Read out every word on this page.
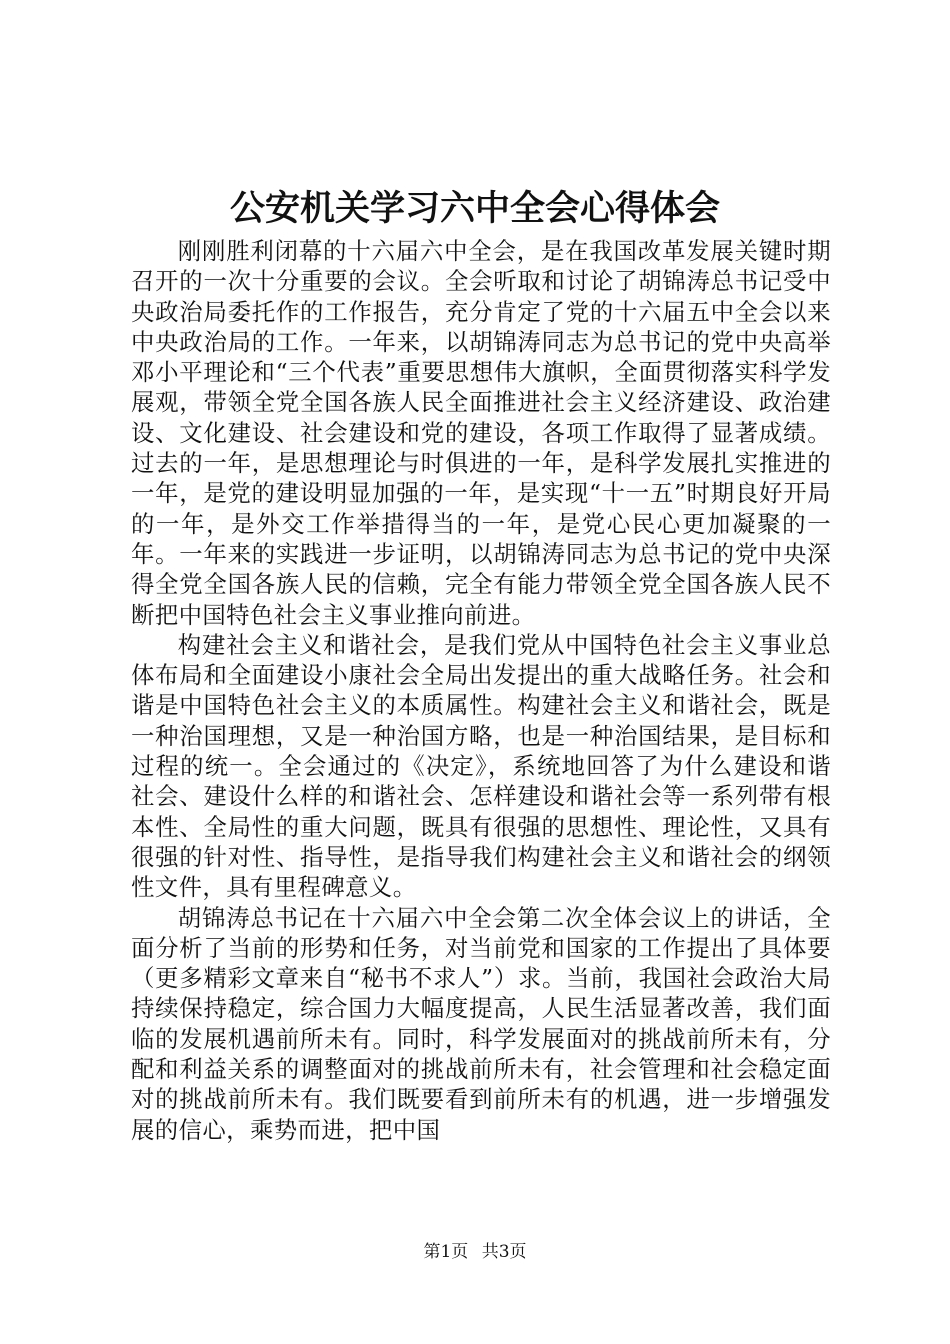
公安机关学习六中全会心得体会

刚刚胜利闭幕的十六届六中全会，是在我国改革发展关键时期召开的一次十分重要的会议。全会听取和讨论了胡锦涛总书记受中央政治局委托作的工作报告，充分肯定了党的十六届五中全会以来中央政治局的工作。一年来，以胡锦涛同志为总书记的党中央高举邓小平理论和“三个代表”重要思想伟大旗帜，全面贯彻落实科学发展观，带领全党全国各族人民全面推进社会主义经济建设、政治建设、文化建设、社会建设和党的建设，各项工作取得了显著成绩。过去的一年，是思想理论与时俱进的一年，是科学发展扎实推进的一年，是党的建设明显加强的一年，是实现“十一五”时期良好开局的一年，是外交工作举措得当的一年，是党心民心更加凝聚的一年。一年来的实践进一步证明，以胡锦涛同志为总书记的党中央深得全党全国各族人民的信赖，完全有能力带领全党全国各族人民不断把中国特色社会主义事业推向前进。

构建社会主义和谐社会，是我们党从中国特色社会主义事业总体布局和全面建设小康社会全局出发提出的重大战略任务。社会和谐是中国特色社会主义的本质属性。构建社会主义和谐社会，既是一种治国理想，又是一种治国方略，也是一种治国结果，是目标和过程的统一。全会通过的《决定》，系统地回答了为什么建设和谐社会、建设什么样的和谐社会、怎样建设和谐社会等一系列带有根本性、全局性的重大问题，既具有很强的思想性、理论性，又具有很强的针对性、指导性，是指导我们构建社会主义和谐社会的纲领性文件，具有里程碑意义。

胡锦涛总书记在十六届六中全会第二次全体会议上的讲话，全面分析了当前的形势和任务，对当前党和国家的工作提出了具体要（更多精彩文章来自“秘书不求人”）求。当前，我国社会政治大局持续保持稳定，综合国力大幅度提高，人民生活显著改善，我们面临的发展机遇前所未有。同时，科学发展面对的挑战前所未有，分配和利益关系的调整面对的挑战前所未有，社会管理和社会稳定面对的挑战前所未有。我们既要看到前所未有的机遇，进一步增强发展的信心，乘势而进，把中国

第1页 共3页
